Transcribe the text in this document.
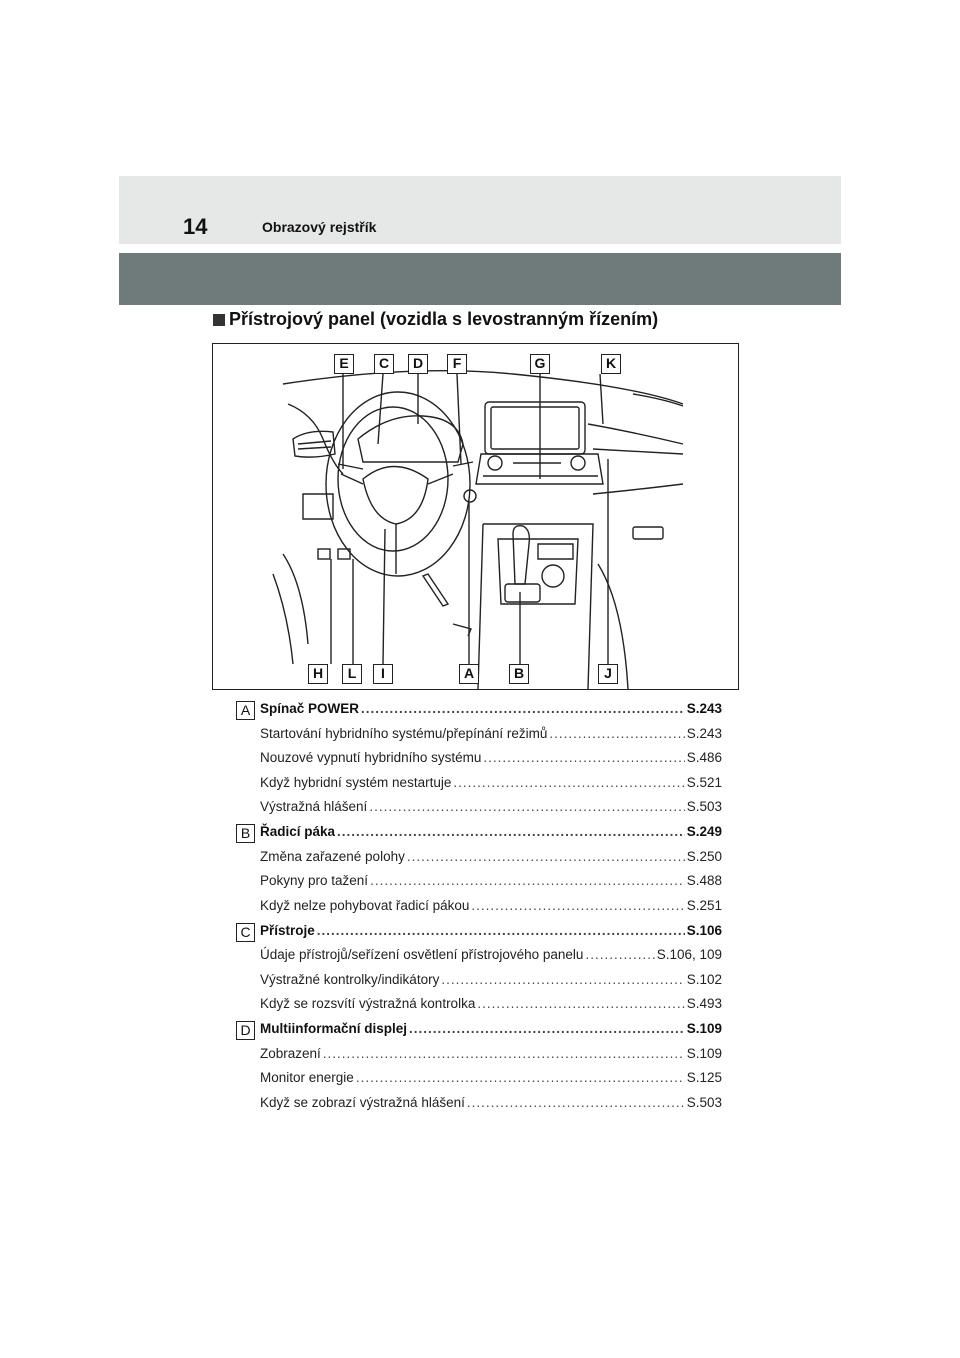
14	Obrazový rejstřík
Přístrojový panel (vozidla s levostranným řízením)
E	C	D	F	G	K
H	L	I	A	B	J
A Spínač POWER .....	S.243
Startování hybridního systému/přepínání režimů .....	S.243
Nouzové vypnutí hybridního systému .....	S.486
Když hybridní systém nestartuje .....	S.521
Výstražná hlášení .....	S.503
B Řadicí páka .....	S.249
Změna zařazené polohy .....	S.250
Pokyny pro tažení .....	S.488
Když nelze pohybovat řadicí pákou .....	S.251
C Přístroje .....	S.106
Údaje přístrojů/seřízení osvětlení přístrojového panelu .....	S.106, 109
Výstražné kontrolky/indikátory .....	S.102
Když se rozsvítí výstražná kontrolka .....	S.493
D Multiinformační displej .....	S.109
Zobrazení .....	S.109
Monitor energie .....	S.125
Když se zobrazí výstražná hlášení .....	S.503
